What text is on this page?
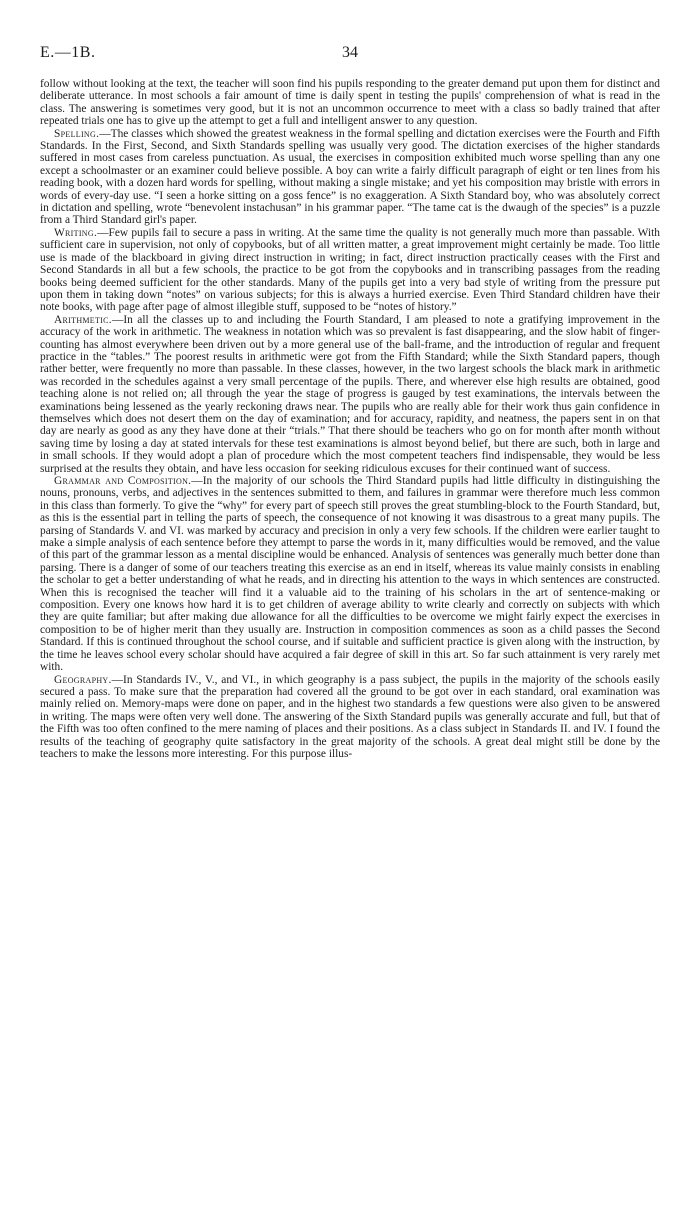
E.—1B.	34

follow without looking at the text, the teacher will soon find his pupils responding to the greater demand put upon them for distinct and deliberate utterance. In most schools a fair amount of time is daily spent in testing the pupils' comprehension of what is read in the class. The answering is sometimes very good, but it is not an uncommon occurrence to meet with a class so badly trained that after repeated trials one has to give up the attempt to get a full and intelligent answer to any question.

Spelling.—The classes which showed the greatest weakness in the formal spelling and dictation exercises were the Fourth and Fifth Standards. In the First, Second, and Sixth Standards spelling was usually very good. The dictation exercises of the higher standards suffered in most cases from careless punctuation. As usual, the exercises in composition exhibited much worse spelling than any one except a schoolmaster or an examiner could believe possible. A boy can write a fairly difficult paragraph of eight or ten lines from his reading book, with a dozen hard words for spelling, without making a single mistake; and yet his composition may bristle with errors in words of every-day use. “I seen a horke sitting on a goss fence” is no exaggeration. A Sixth Standard boy, who was absolutely correct in dictation and spelling, wrote “benevolent instachusan” in his grammar paper. “The tame cat is the dwaugh of the species” is a puzzle from a Third Standard girl's paper.

Writing.—Few pupils fail to secure a pass in writing. At the same time the quality is not generally much more than passable. With sufficient care in supervision, not only of copybooks, but of all written matter, a great improvement might certainly be made. Too little use is made of the blackboard in giving direct instruction in writing; in fact, direct instruction practically ceases with the First and Second Standards in all but a few schools, the practice to be got from the copybooks and in transcribing passages from the reading books being deemed sufficient for the other standards. Many of the pupils get into a very bad style of writing from the pressure put upon them in taking down “notes” on various subjects; for this is always a hurried exercise. Even Third Standard children have their note books, with page after page of almost illegible stuff, supposed to be “notes of history.”

Arithmetic.—In all the classes up to and including the Fourth Standard, I am pleased to note a gratifying improvement in the accuracy of the work in arithmetic. The weakness in notation which was so prevalent is fast disappearing, and the slow habit of finger-counting has almost everywhere been driven out by a more general use of the ball-frame, and the introduction of regular and frequent practice in the “tables.” The poorest results in arithmetic were got from the Fifth Standard; while the Sixth Standard papers, though rather better, were frequently no more than passable. In these classes, however, in the two largest schools the black mark in arithmetic was recorded in the schedules against a very small percentage of the pupils. There, and wherever else high results are obtained, good teaching alone is not relied on; all through the year the stage of progress is gauged by test examinations, the intervals between the examinations being lessened as the yearly reckoning draws near. The pupils who are really able for their work thus gain confidence in themselves which does not desert them on the day of examination; and for accuracy, rapidity, and neatness, the papers sent in on that day are nearly as good as any they have done at their “trials.” That there should be teachers who go on for month after month without saving time by losing a day at stated intervals for these test examinations is almost beyond belief, but there are such, both in large and in small schools. If they would adopt a plan of procedure which the most competent teachers find indispensable, they would be less surprised at the results they obtain, and have less occasion for seeking ridiculous excuses for their continued want of success.

Grammar and Composition.—In the majority of our schools the Third Standard pupils had little difficulty in distinguishing the nouns, pronouns, verbs, and adjectives in the sentences submitted to them, and failures in grammar were therefore much less common in this class than formerly. To give the “why” for every part of speech still proves the great stumbling-block to the Fourth Standard, but, as this is the essential part in telling the parts of speech, the consequence of not knowing it was disastrous to a great many pupils. The parsing of Standards V. and VI. was marked by accuracy and precision in only a very few schools. If the children were earlier taught to make a simple analysis of each sentence before they attempt to parse the words in it, many difficulties would be removed, and the value of this part of the grammar lesson as a mental discipline would be enhanced. Analysis of sentences was generally much better done than parsing. There is a danger of some of our teachers treating this exercise as an end in itself, whereas its value mainly consists in enabling the scholar to get a better understanding of what he reads, and in directing his attention to the ways in which sentences are constructed. When this is recognised the teacher will find it a valuable aid to the training of his scholars in the art of sentence-making or composition. Every one knows how hard it is to get children of average ability to write clearly and correctly on subjects with which they are quite familiar; but after making due allowance for all the difficulties to be overcome we might fairly expect the exercises in composition to be of higher merit than they usually are. Instruction in composition commences as soon as a child passes the Second Standard. If this is continued throughout the school course, and if suitable and sufficient practice is given along with the instruction, by the time he leaves school every scholar should have acquired a fair degree of skill in this art. So far such attainment is very rarely met with.

Geography.—In Standards IV., V., and VI., in which geography is a pass subject, the pupils in the majority of the schools easily secured a pass. To make sure that the preparation had covered all the ground to be got over in each standard, oral examination was mainly relied on. Memory-maps were done on paper, and in the highest two standards a few questions were also given to be answered in writing. The maps were often very well done. The answering of the Sixth Standard pupils was generally accurate and full, but that of the Fifth was too often confined to the mere naming of places and their positions. As a class subject in Standards II. and IV. I found the results of the teaching of geography quite satisfactory in the great majority of the schools. A great deal might still be done by the teachers to make the lessons more interesting. For this purpose illus-
